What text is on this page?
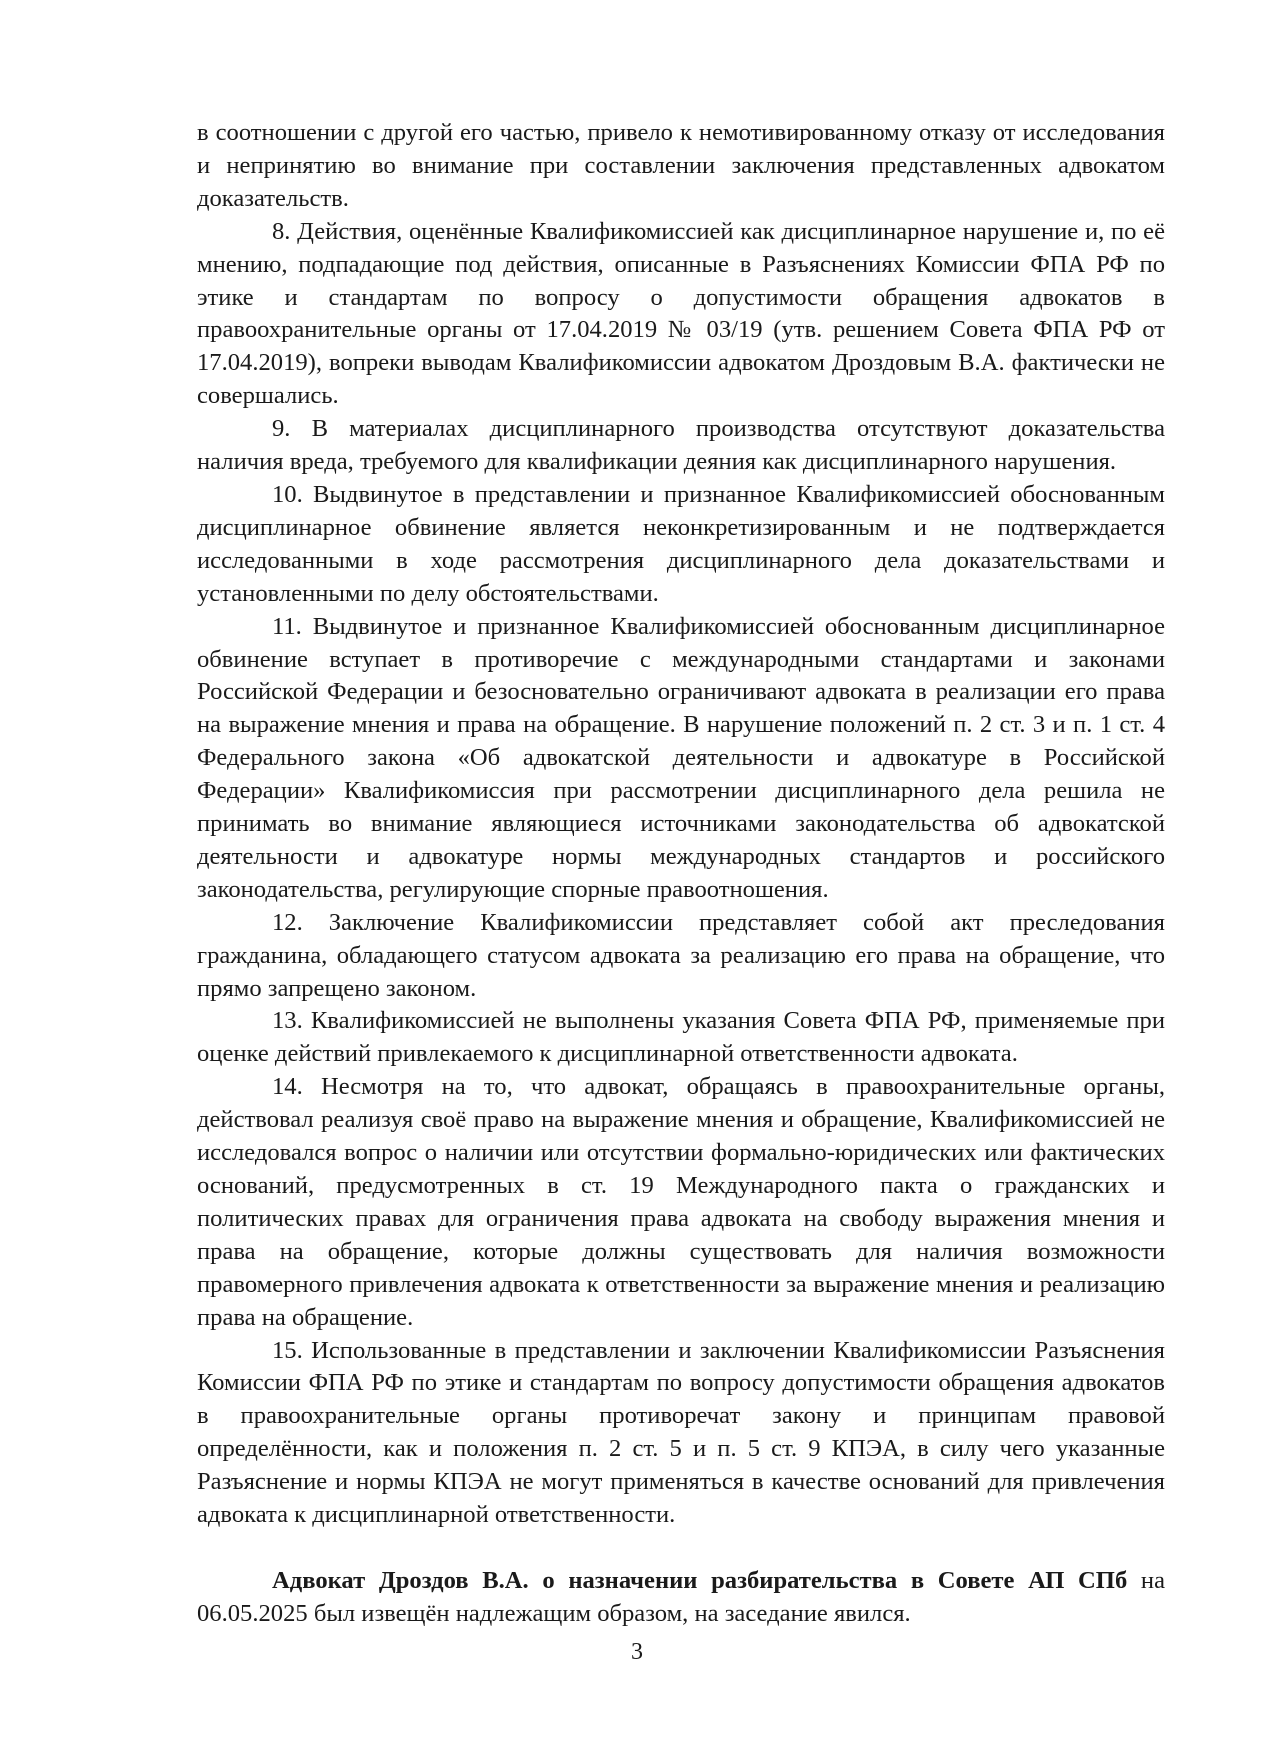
в соотношении с другой его частью, привело к немотивированному отказу от исследования и непринятию во внимание при составлении заключения представленных адвокатом доказательств.

8. Действия, оценённые Квалификомиссией как дисциплинарное нарушение и, по её мнению, подпадающие под действия, описанные в Разъяснениях Комиссии ФПА РФ по этике и стандартам по вопросу о допустимости обращения адвокатов в правоохранительные органы от 17.04.2019 № 03/19 (утв. решением Совета ФПА РФ от 17.04.2019), вопреки выводам Квалификомиссии адвокатом Дроздовым В.А. фактически не совершались.

9. В материалах дисциплинарного производства отсутствуют доказательства наличия вреда, требуемого для квалификации деяния как дисциплинарного нарушения.

10. Выдвинутое в представлении и признанное Квалификомиссией обоснованным дисциплинарное обвинение является неконкретизированным и не подтверждается исследованными в ходе рассмотрения дисциплинарного дела доказательствами и установленными по делу обстоятельствами.

11. Выдвинутое и признанное Квалификомиссией обоснованным дисциплинарное обвинение вступает в противоречие с международными стандартами и законами Российской Федерации и безосновательно ограничивают адвоката в реализации его права на выражение мнения и права на обращение. В нарушение положений п. 2 ст. 3 и п. 1 ст. 4 Федерального закона «Об адвокатской деятельности и адвокатуре в Российской Федерации» Квалификомиссия при рассмотрении дисциплинарного дела решила не принимать во внимание являющиеся источниками законодательства об адвокатской деятельности и адвокатуре нормы международных стандартов и российского законодательства, регулирующие спорные правоотношения.

12. Заключение Квалификомиссии представляет собой акт преследования гражданина, обладающего статусом адвоката за реализацию его права на обращение, что прямо запрещено законом.

13. Квалификомиссией не выполнены указания Совета ФПА РФ, применяемые при оценке действий привлекаемого к дисциплинарной ответственности адвоката.

14. Несмотря на то, что адвокат, обращаясь в правоохранительные органы, действовал реализуя своё право на выражение мнения и обращение, Квалификомиссией не исследовался вопрос о наличии или отсутствии формально-юридических или фактических оснований, предусмотренных в ст. 19 Международного пакта о гражданских и политических правах для ограничения права адвоката на свободу выражения мнения и права на обращение, которые должны существовать для наличия возможности правомерного привлечения адвоката к ответственности за выражение мнения и реализацию права на обращение.

15. Использованные в представлении и заключении Квалификомиссии Разъяснения Комиссии ФПА РФ по этике и стандартам по вопросу допустимости обращения адвокатов в правоохранительные органы противоречат закону и принципам правовой определённости, как и положения п. 2 ст. 5 и п. 5 ст. 9 КПЭА, в силу чего указанные Разъяснение и нормы КПЭА не могут применяться в качестве оснований для привлечения адвоката к дисциплинарной ответственности.

Адвокат Дроздов В.А. о назначении разбирательства в Совете АП СПб на 06.05.2025 был извещён надлежащим образом, на заседание явился.

3
